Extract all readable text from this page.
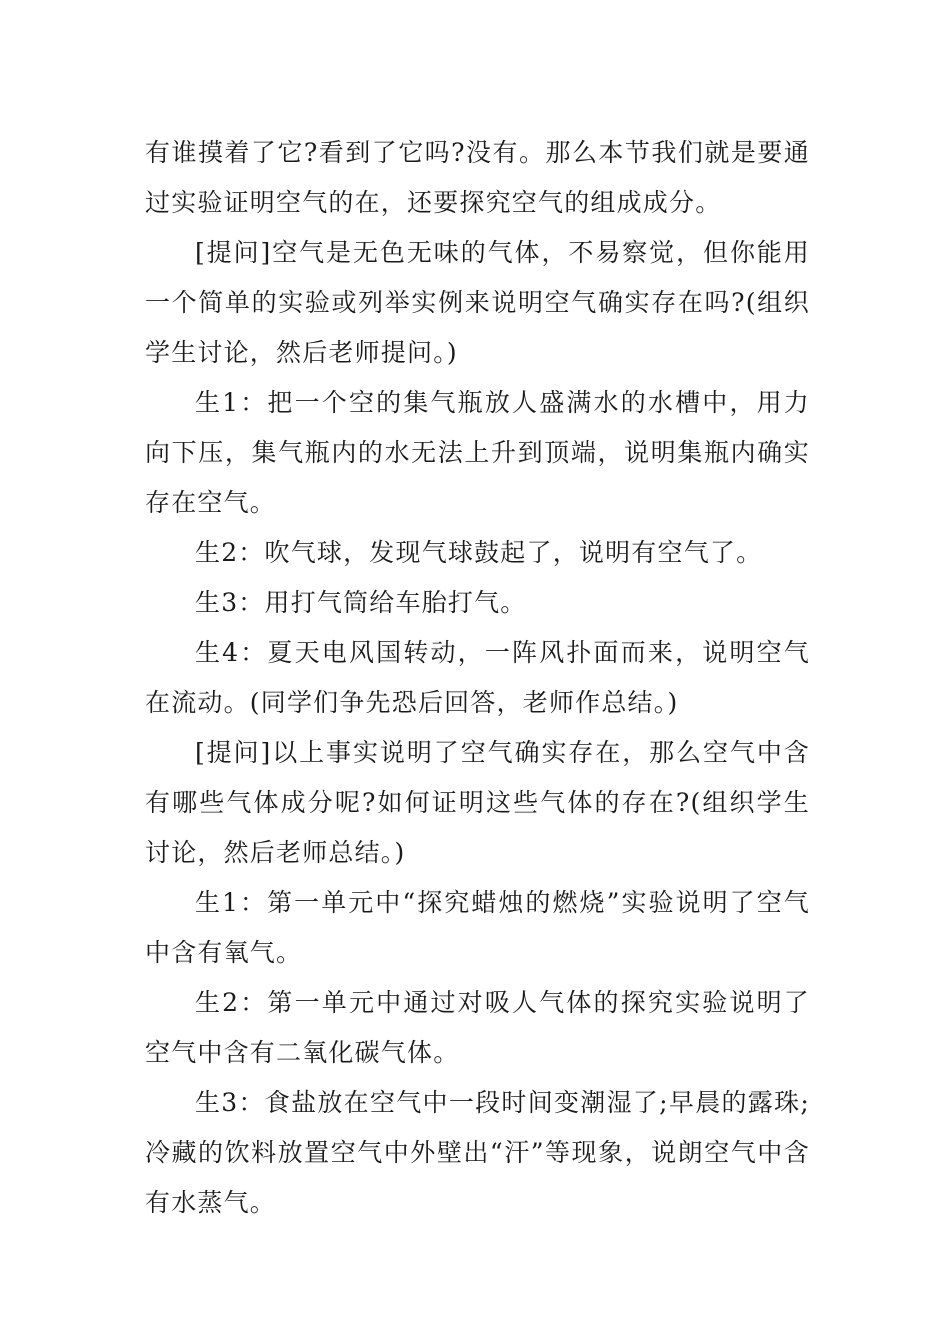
有谁摸着了它?看到了它吗?没有。那么本节我们就是要通过实验证明空气的在，还要探究空气的组成成分。

[提问]空气是无色无味的气体，不易察觉，但你能用一个简单的实验或列举实例来说明空气确实存在吗?(组织学生讨论，然后老师提问。)

生1：把一个空的集气瓶放人盛满水的水槽中，用力向下压，集气瓶内的水无法上升到顶端，说明集瓶内确实存在空气。

生2：吹气球，发现气球鼓起了，说明有空气了。

生3：用打气筒给车胎打气。

生4：夏天电风国转动，一阵风扑面而来，说明空气在流动。(同学们争先恐后回答，老师作总结。)

[提问]以上事实说明了空气确实存在，那么空气中含有哪些气体成分呢?如何证明这些气体的存在?(组织学生讨论，然后老师总结。)

生1：第一单元中“探究蜡烛的燃烧”实验说明了空气中含有氧气。

生2：第一单元中通过对吸人气体的探究实验说明了空气中含有二氧化碳气体。

生3：食盐放在空气中一段时间变潮湿了;早晨的露珠;冷藏的饮料放置空气中外壁出“汗”等现象，说朗空气中含有水蒸气。
